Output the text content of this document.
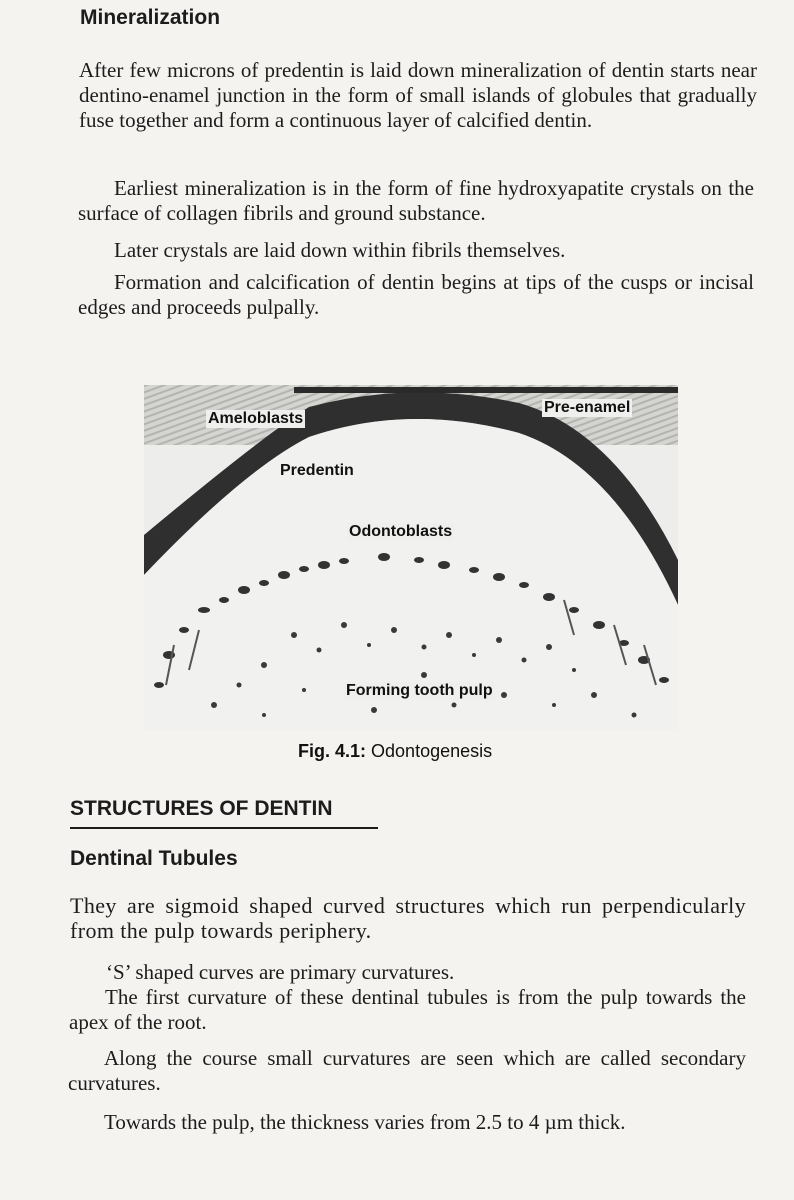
Mineralization

After few microns of predentin is laid down mineralization of dentin starts near dentino-enamel junction in the form of small islands of globules that gradually fuse together and form a continuous layer of calcified dentin.

Earliest mineralization is in the form of fine hydroxyapatite crystals on the surface of collagen fibrils and ground substance.

Later crystals are laid down within fibrils themselves.

Formation and calcification of dentin begins at tips of the cusps or incisal edges and proceeds pulpally.

Ameloblasts
Pre-enamel
Predentin
Odontoblasts
Forming tooth pulp

Fig. 4.1: Odontogenesis

STRUCTURES OF DENTIN
Dentinal Tubules

They are sigmoid shaped curved structures which run perpendicularly from the pulp towards periphery.

‘S’ shaped curves are primary curvatures.

The first curvature of these dentinal tubules is from the pulp towards the apex of the root.

Along the course small curvatures are seen which are called secondary curvatures.

Towards the pulp, the thickness varies from 2.5 to 4 µm thick.
